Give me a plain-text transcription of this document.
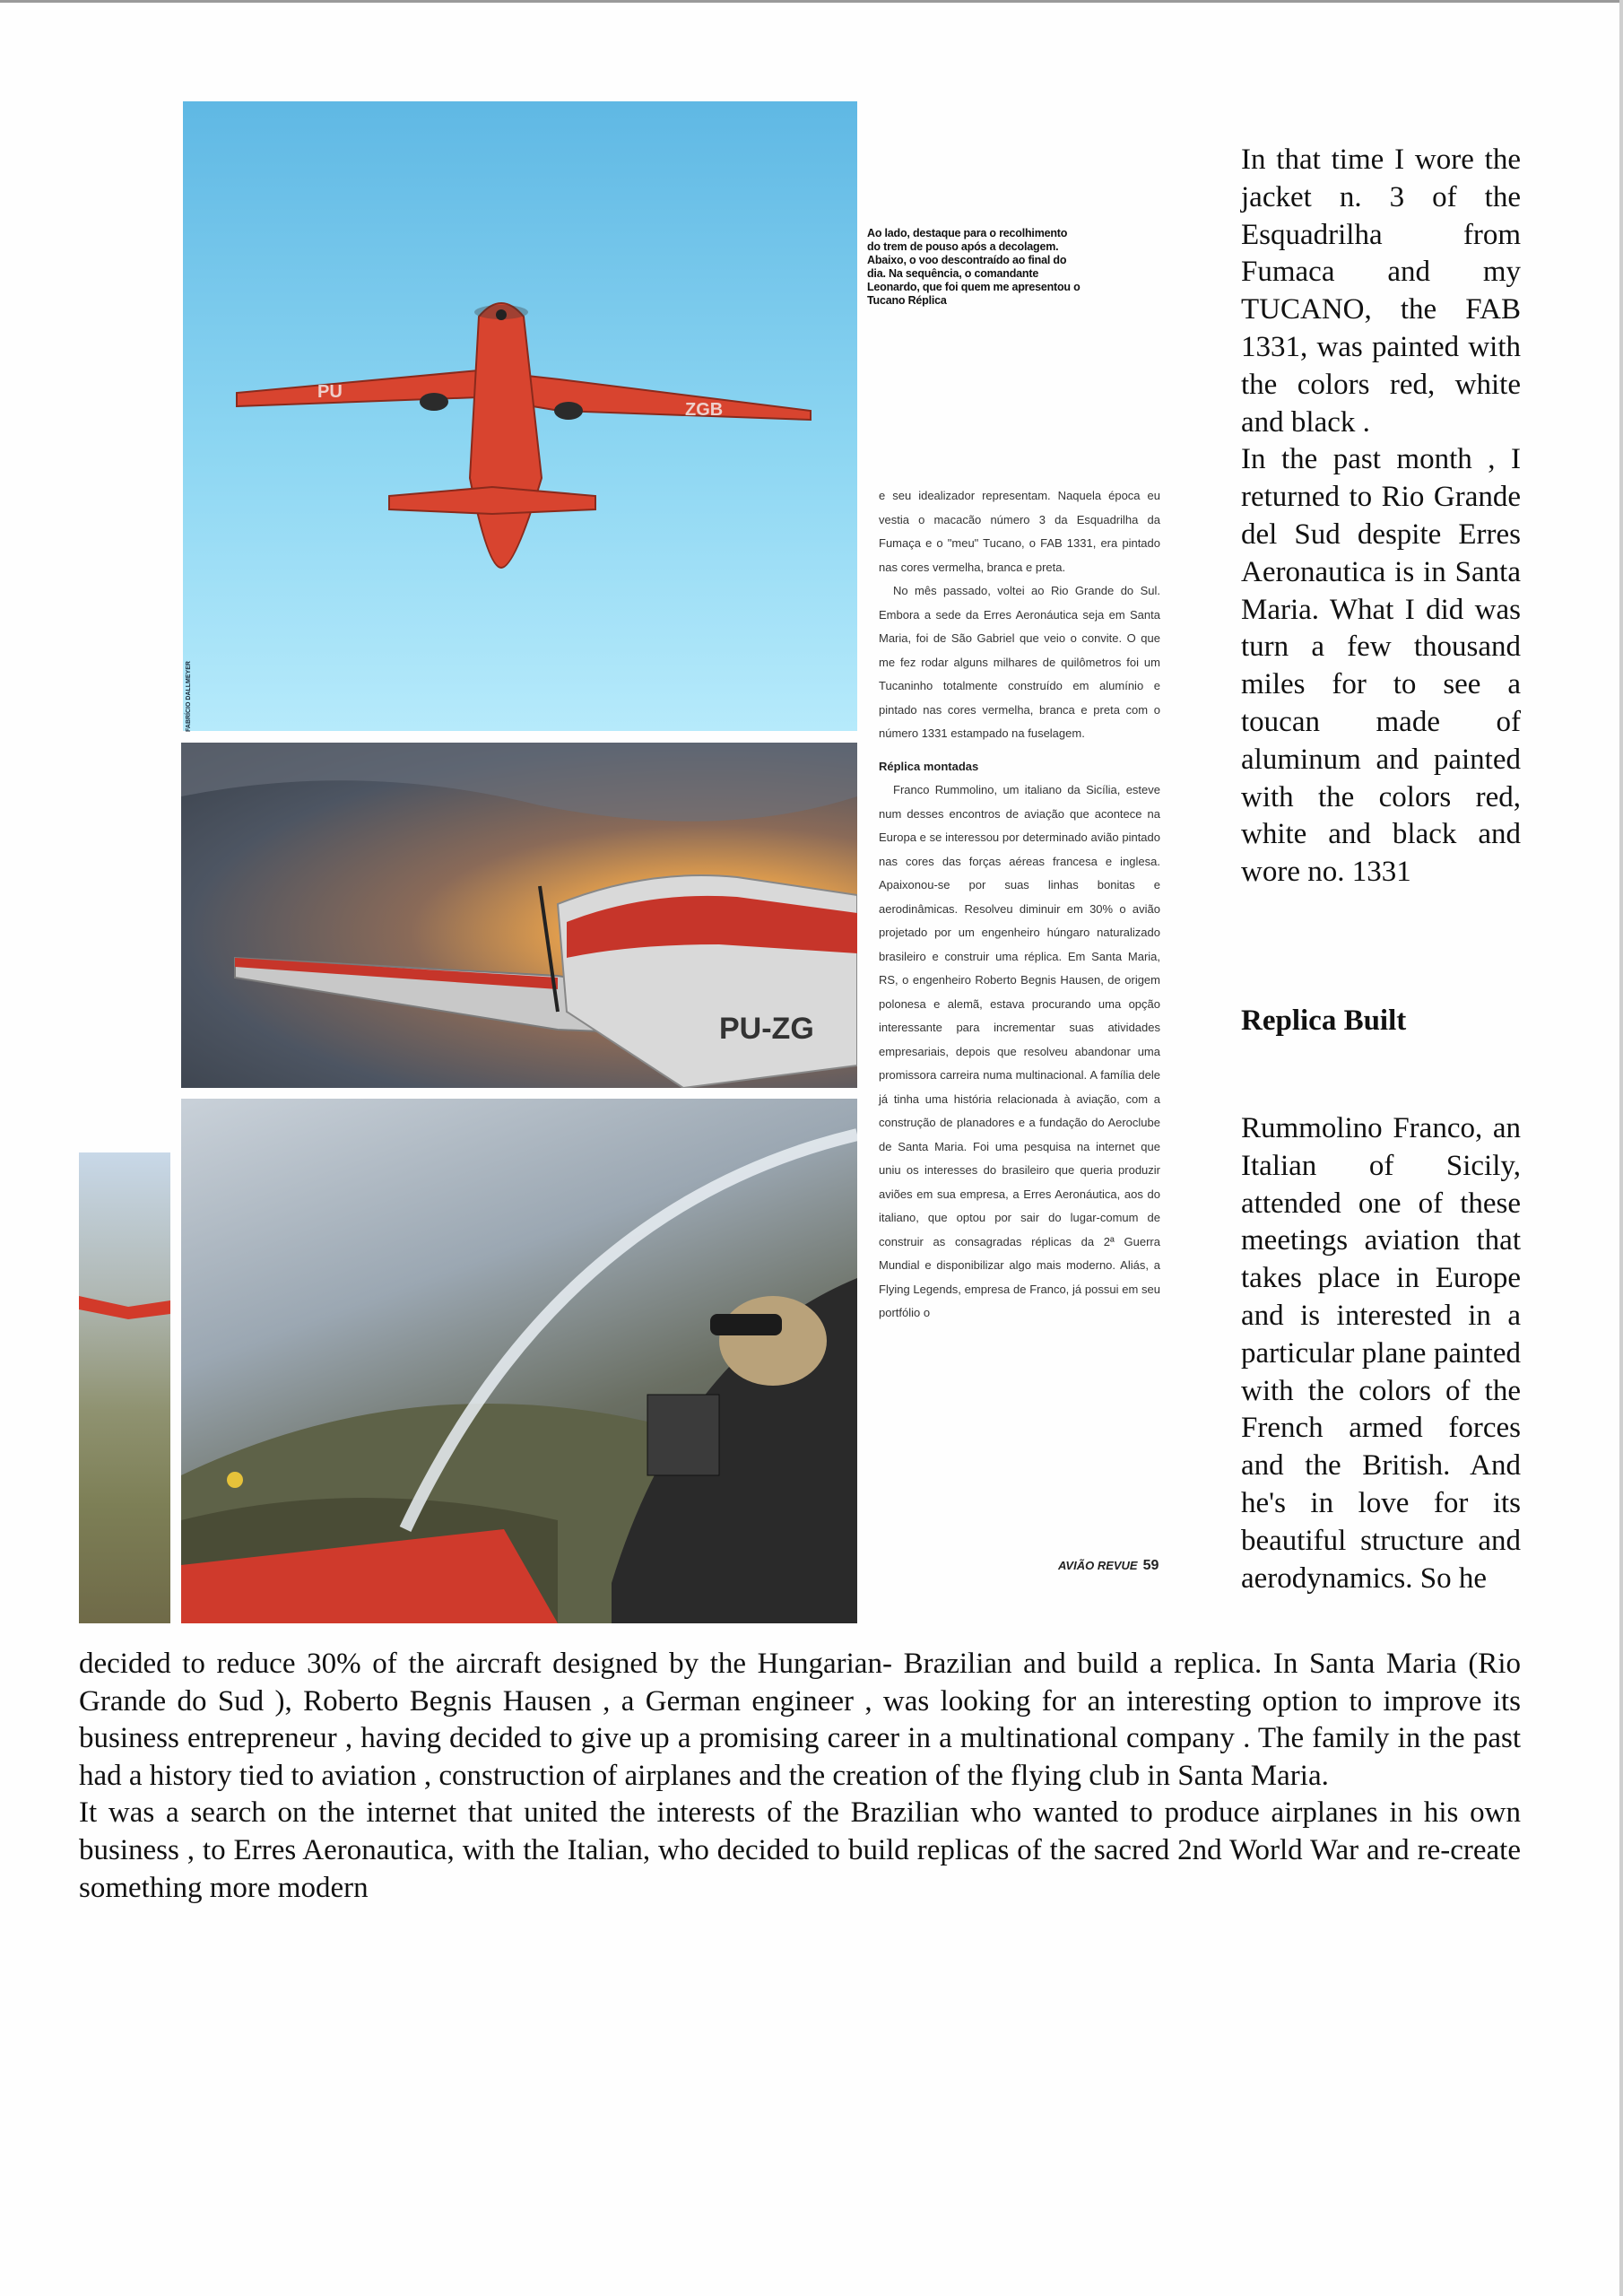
PU
ZGB
FABRÍCIO DALLMEYER
PU-ZG
Ao lado, destaque para o recolhimento do trem de pouso após a decolagem. Abaixo, o voo descontraído ao final do dia. Na sequência, o comandante Leonardo, que foi quem me apresentou o Tucano Réplica

e seu idealizador representam. Naquela época eu vestia o macacão número 3 da Esquadrilha da Fumaça e o "meu" Tucano, o FAB 1331, era pintado nas cores vermelha, branca e preta.

No mês passado, voltei ao Rio Grande do Sul. Embora a sede da Erres Aeronáutica seja em Santa Maria, foi de São Gabriel que veio o convite. O que me fez rodar alguns milhares de quilômetros foi um Tucaninho totalmente construído em alumínio e pintado nas cores vermelha, branca e preta com o número 1331 estampado na fuselagem.

Réplica montadas

Franco Rummolino, um italiano da Sicília, esteve num desses encontros de aviação que acontece na Europa e se interessou por determinado avião pintado nas cores das forças aéreas francesa e inglesa. Apaixonou-se por suas linhas bonitas e aerodinâmicas. Resolveu diminuir em 30% o avião projetado por um engenheiro húngaro naturalizado brasileiro e construir uma réplica. Em Santa Maria, RS, o engenheiro Roberto Begnis Hausen, de origem polonesa e alemã, estava procurando uma opção interessante para incrementar suas atividades empresariais, depois que resolveu abandonar uma promissora carreira numa multinacional. A família dele já tinha uma história relacionada à aviação, com a construção de planadores e a fundação do Aeroclube de Santa Maria. Foi uma pesquisa na internet que uniu os interesses do brasileiro que queria produzir aviões em sua empresa, a Erres Aeronáutica, aos do italiano, que optou por sair do lugar-comum de construir as consagradas réplicas da 2ª Guerra Mundial e disponibilizar algo mais moderno. Aliás, a Flying Legends, empresa de Franco, já possui em seu portfólio o

AVIÃO REVUE 59

In that time I wore the jacket n. 3 of the Esquadrilha from Fumaca and my TUCANO, the FAB 1331, was painted with the colors red, white and black .

In the past month , I returned to Rio Grande del Sud despite Erres Aeronautica is in Santa Maria. What I did was turn a few thousand miles for to see a toucan made of aluminum and painted with the colors red, white and black and wore no. 1331

Replica Built

Rummolino Franco, an Italian of Sicily, attended one of these meetings aviation that takes place in Europe and is interested in a particular plane painted with the colors of the French armed forces and the British. And he's in love for its beautiful structure and aerodynamics. So he

decided to reduce 30% of the aircraft designed by the Hungarian- Brazilian and build a replica. In Santa Maria (Rio Grande do Sud ), Roberto Begnis Hausen , a German engineer , was looking for an interesting option to improve its business entrepreneur , having decided to give up a promising career in a multinational company . The family in the past had a history tied to aviation , construction of airplanes and the creation of the flying club in Santa Maria.

It was a search on the internet that united the interests of the Brazilian who wanted to produce airplanes in his own business , to Erres Aeronautica, with the Italian, who decided to build replicas of the sacred 2nd World War and re-create something more modern
